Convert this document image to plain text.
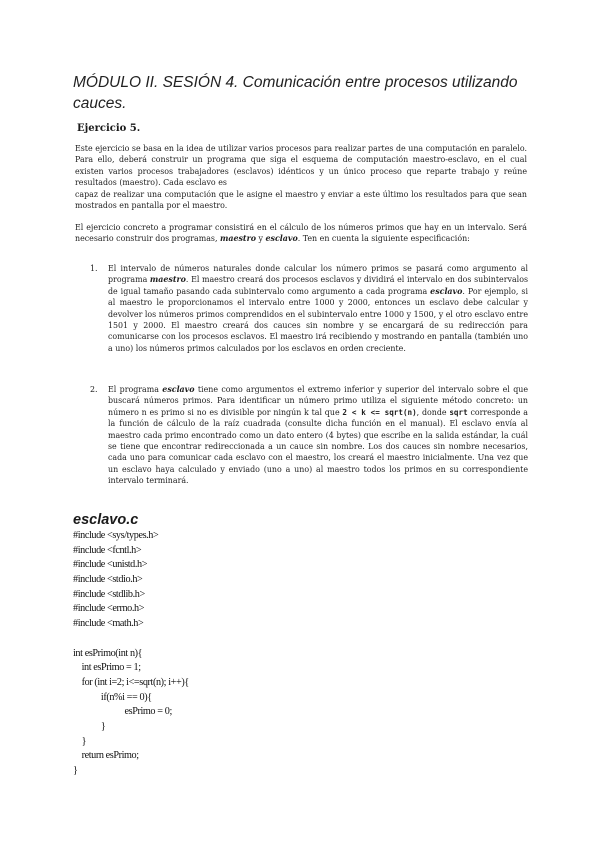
MÓDULO II. SESIÓN 4. Comunicación entre procesos utilizando cauces.
Ejercicio 5.
Este ejercicio se basa en la idea de utilizar varios procesos para realizar partes de una computación en paralelo. Para ello, deberá construir un programa que siga el esquema de computación maestro-esclavo, en el cual existen varios procesos trabajadores (esclavos) idénticos y un único proceso que reparte trabajo y reúne resultados (maestro). Cada esclavo es
capaz de realizar una computación que le asigne el maestro y enviar a este último los resultados para que sean mostrados en pantalla por el maestro.
El ejercicio concreto a programar consistirá en el cálculo de los números primos que hay en un intervalo. Será necesario construir dos programas, maestro y esclavo. Ten en cuenta la siguiente especificación:
1. El intervalo de números naturales donde calcular los número primos se pasará como argumento al programa maestro. El maestro creará dos procesos esclavos y dividirá el intervalo en dos subintervalos de igual tamaño pasando cada subintervalo como argumento a cada programa esclavo. Por ejemplo, si al maestro le proporcionamos el intervalo entre 1000 y 2000, entonces un esclavo debe calcular y devolver los números primos comprendidos en el subintervalo entre 1000 y 1500, y el otro esclavo entre 1501 y 2000. El maestro creará dos cauces sin nombre y se encargará de su redirección para comunicarse con los procesos esclavos. El maestro irá recibiendo y mostrando en pantalla (también uno a uno) los números primos calculados por los esclavos en orden creciente.
2. El programa esclavo tiene como argumentos el extremo inferior y superior del intervalo sobre el que buscará números primos. Para identificar un número primo utiliza el siguiente método concreto: un número n es primo si no es divisible por ningún k tal que 2 < k <= sqrt(n), donde sqrt corresponde a la función de cálculo de la raíz cuadrada (consulte dicha función en el manual). El esclavo envía al maestro cada primo encontrado como un dato entero (4 bytes) que escribe en la salida estándar, la cuál se tiene que encontrar redireccionada a un cauce sin nombre. Los dos cauces sin nombre necesarios, cada uno para comunicar cada esclavo con el maestro, los creará el maestro inicialmente. Una vez que un esclavo haya calculado y enviado (uno a uno) al maestro todos los primos en su correspondiente intervalo terminará.
esclavo.c
#include <sys/types.h>
#include <fcntl.h>
#include <unistd.h>
#include <stdio.h>
#include <stdlib.h>
#include <errno.h>
#include <math.h>
int esPrimo(int n){
int esPrimo = 1;
for (int i=2; i<=sqrt(n); i++){
if(n%i == 0){
esPrimo = 0;
}
}
return esPrimo;
}
